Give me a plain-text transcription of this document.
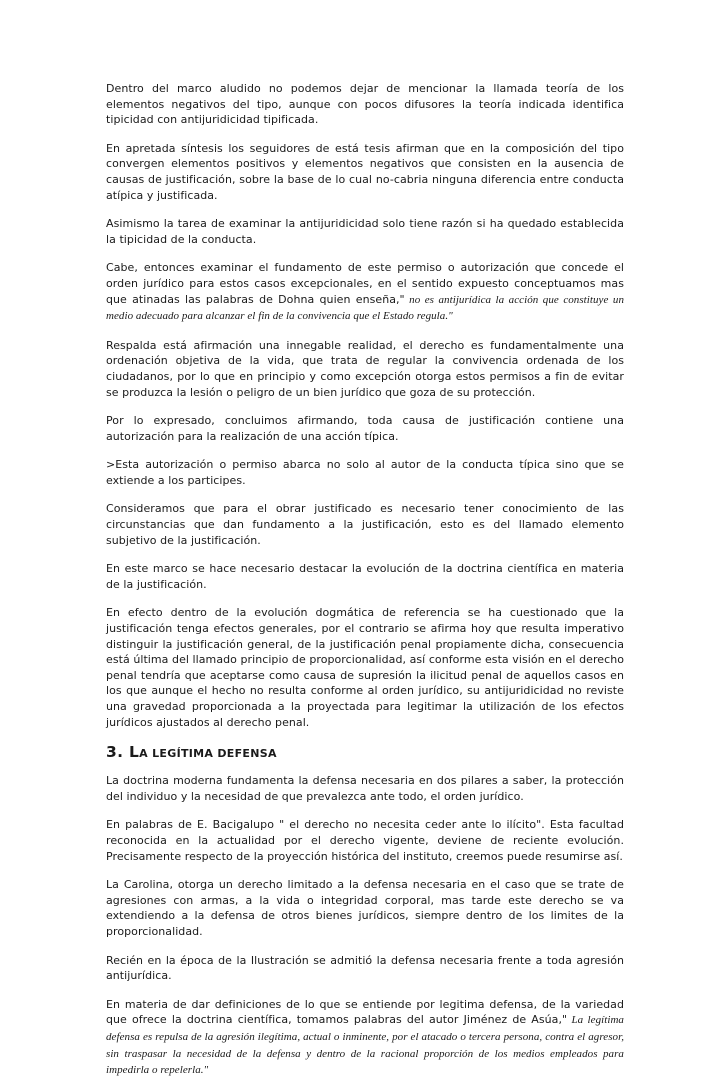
Dentro del marco aludido no podemos dejar de mencionar la llamada teoría de los elementos negativos del tipo, aunque con pocos difusores la teoría indicada identifica tipicidad con antijuridicidad tipificada.

En apretada síntesis los seguidores de está tesis afirman que en la composición del tipo convergen elementos positivos y elementos negativos que consisten en la ausencia de causas de justificación, sobre la base de lo cual no-cabria ninguna diferencia entre conducta atípica y justificada.

Asimismo la tarea de examinar la antijuridicidad solo tiene razón si ha quedado establecida la tipicidad de la conducta.

Cabe, entonces examinar el fundamento de este permiso o autorización que concede el orden jurídico para estos casos excepcionales, en el sentido expuesto conceptuamos mas que atinadas las palabras de Dohna quien enseña," no es antijurídica la acción que constituye un medio adecuado para alcanzar el fin de la convivencia que el Estado regula."

Respalda está afirmación una innegable realidad, el derecho es fundamentalmente una ordenación objetiva de la vida, que trata de regular la convivencia ordenada de los ciudadanos, por lo que en principio y como excepción otorga estos permisos a fin de evitar se produzca la lesión o peligro de un bien jurídico que goza de su protección.

Por lo expresado, concluimos afirmando, toda causa de justificación contiene una autorización para la realización de una acción típica.

>Esta autorización o permiso abarca no solo al autor de la conducta típica sino que se extiende a los participes.

Consideramos que para el obrar justificado es necesario tener conocimiento de las circunstancias que dan fundamento a la justificación, esto es del llamado elemento subjetivo de la justificación.

En este marco se hace necesario destacar la evolución de la doctrina científica en materia de la justificación.

En efecto dentro de la evolución dogmática de referencia se ha cuestionado que la justificación tenga efectos generales, por el contrario se afirma hoy que resulta imperativo distinguir la justificación general, de la justificación penal propiamente dicha, consecuencia está última del llamado principio de proporcionalidad, así conforme esta visión en el derecho penal tendría que aceptarse como causa de supresión la ilicitud penal de aquellos casos en los que aunque el hecho no resulta conforme al orden jurídico, su antijuridicidad no reviste una gravedad proporcionada a la proyectada para legitimar la utilización de los efectos jurídicos ajustados al derecho penal.

3. LA LEGÍTIMA DEFENSA

La doctrina moderna fundamenta la defensa necesaria en dos pilares a saber, la protección del individuo y la necesidad de que prevalezca ante todo, el orden jurídico.

En palabras de E. Bacigalupo " el derecho no necesita ceder ante lo ilícito". Esta facultad reconocida en la actualidad por el derecho vigente, deviene de reciente evolución. Precisamente respecto de la proyección histórica del instituto, creemos puede resumirse así.

La Carolina, otorga un derecho limitado a la defensa necesaria en el caso que se trate de agresiones con armas, a la vida o integridad corporal, mas tarde este derecho se va extendiendo a la defensa de otros bienes jurídicos, siempre dentro de los limites de la proporcionalidad.

Recién en la época de la Ilustración se admitió la defensa necesaria frente a toda agresión antijurídica.

En materia de dar definiciones de lo que se entiende por legitima defensa, de la variedad que ofrece la doctrina científica, tomamos palabras del autor Jiménez de Asúa," La legítima defensa es repulsa de la agresión ilegítima, actual o inminente, por el atacado o tercera persona, contra el agresor, sin traspasar la necesidad de la defensa y dentro de la racional proporción de los medios empleados para impedirla o repelerla."
